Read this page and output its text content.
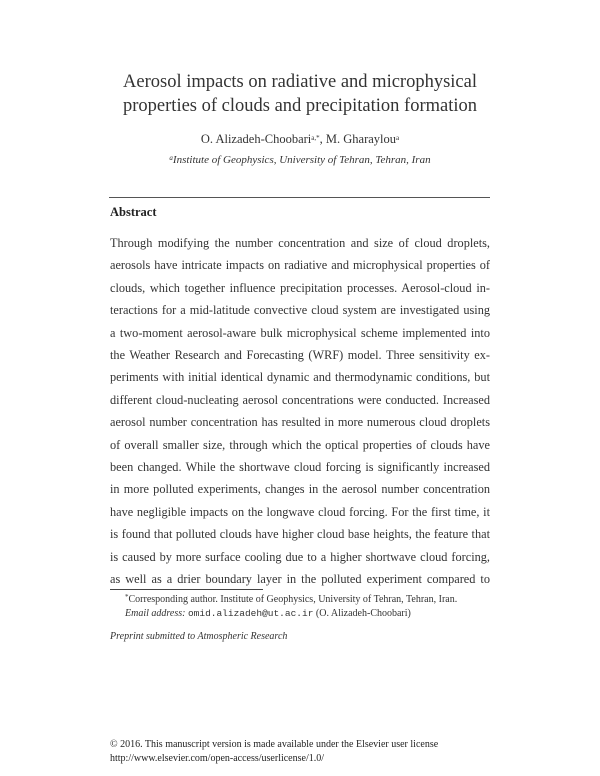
Aerosol impacts on radiative and microphysical
properties of clouds and precipitation formation
O. Alizadeh-Choobari$^{a,*}$, M. Gharaylou$^a$
$^a$Institute of Geophysics, University of Tehran, Tehran, Iran
Abstract
Through modifying the number concentration and size of cloud droplets,
aerosols have intricate impacts on radiative and microphysical properties of
clouds, which together influence precipitation processes. Aerosol-cloud in-
teractions for a mid-latitude convective cloud system are investigated using
a two-moment aerosol-aware bulk microphysical scheme implemented into
the Weather Research and Forecasting (WRF) model. Three sensitivity ex-
periments with initial identical dynamic and thermodynamic conditions, but
different cloud-nucleating aerosol concentrations were conducted. Increased
aerosol number concentration has resulted in more numerous cloud droplets
of overall smaller size, through which the optical properties of clouds have
been changed. While the shortwave cloud forcing is significantly increased
in more polluted experiments, changes in the aerosol number concentration
have negligible impacts on the longwave cloud forcing. For the first time, it
is found that polluted clouds have higher cloud base heights, the feature that
is caused by more surface cooling due to a higher shortwave cloud forcing,
as well as a drier boundary layer in the polluted experiment compared to
*Corresponding author. Institute of Geophysics, University of Tehran, Tehran, Iran.
Email address: omid.alizadeh@ut.ac.ir (O. Alizadeh-Choobari)
Preprint submitted to Atmospheric Research
© 2016. This manuscript version is made available under the Elsevier user license
http://www.elsevier.com/open-access/userlicense/1.0/
